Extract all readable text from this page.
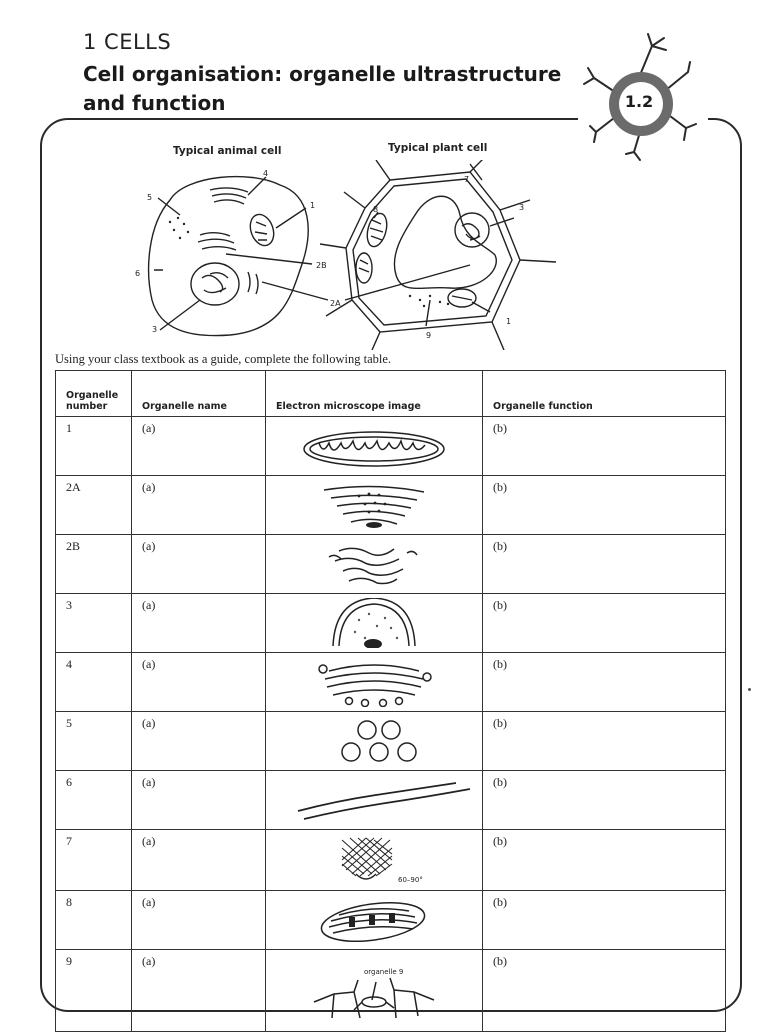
1 CELLS
Cell organisation: organelle ultrastructure and function	1.2
Typical animal cell	Typical plant cell
1
2A
2B
3
4
5
6
7
8
9
3
1
Using your class textbook as a guide, complete the following table.
Organelle number	Organelle name	Electron microscope image	Organelle function
1	(a)		(b)
2A	(a)		(b)
2B	(a)		(b)
3	(a)		(b)
4	(a)		(b)
5	(a)		(b)
6	(a)		(b)
7	(a)	60–90°	(b)
8	(a)		(b)
9	(a)	organelle 9	(b)
